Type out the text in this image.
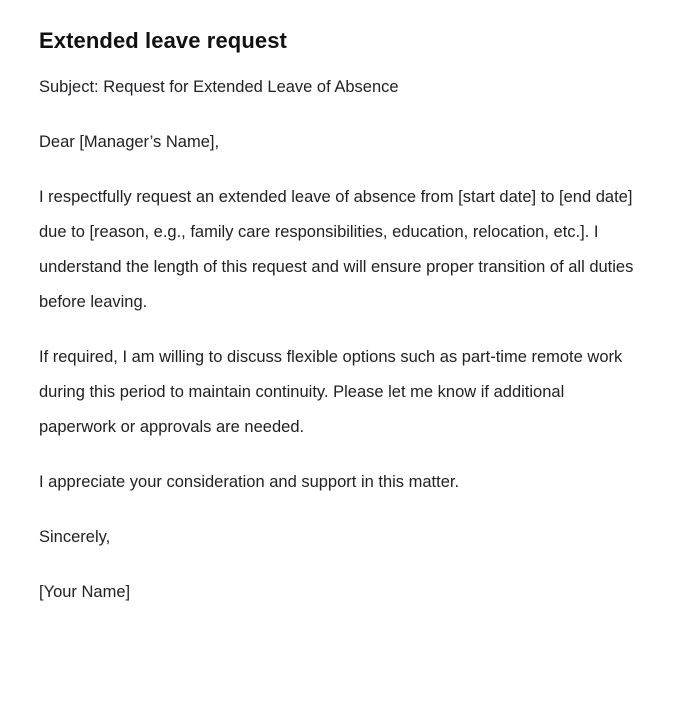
Extended leave request

Subject: Request for Extended Leave of Absence

Dear [Manager’s Name],

I respectfully request an extended leave of absence from [start date] to [end date] due to [reason, e.g., family care responsibilities, education, relocation, etc.]. I understand the length of this request and will ensure proper transition of all duties before leaving.

If required, I am willing to discuss flexible options such as part-time remote work during this period to maintain continuity. Please let me know if additional paperwork or approvals are needed.

I appreciate your consideration and support in this matter.

Sincerely,

[Your Name]
